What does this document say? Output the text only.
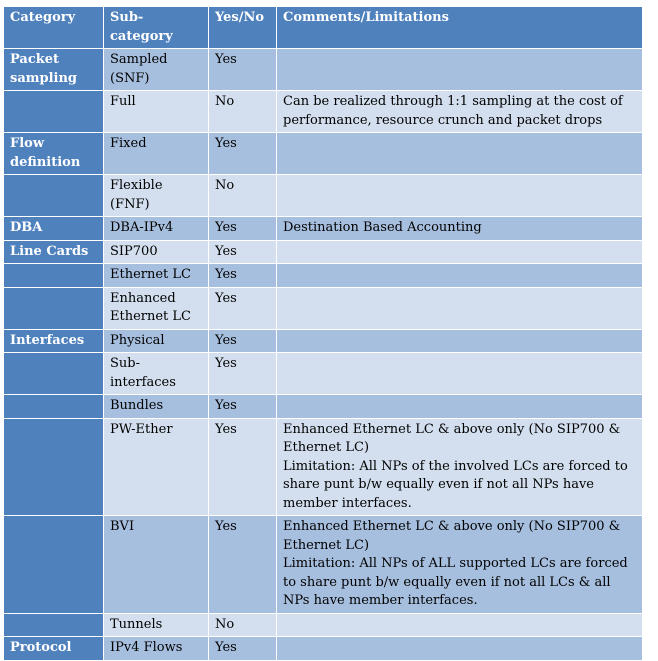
Category	Sub-category	Yes/No	Comments/Limitations
Packet sampling	Sampled (SNF)	Yes	
	Full	No	Can be realized through 1:1 sampling at the cost of performance, resource crunch and packet drops
Flow definition	Fixed	Yes	
	Flexible (FNF)	No	
DBA	DBA-IPv4	Yes	Destination Based Accounting
Line Cards	SIP700	Yes	
	Ethernet LC	Yes	
	Enhanced Ethernet LC	Yes	
Interfaces	Physical	Yes	
	Sub-interfaces	Yes	
	Bundles	Yes	
	PW-Ether	Yes	Enhanced Ethernet LC & above only (No SIP700 & Ethernet LC)
Limitation: All NPs of the involved LCs are forced to share punt b/w equally even if not all NPs have member interfaces.

	BVI	Yes	Enhanced Ethernet LC & above only (No SIP700 & Ethernet LC)
Limitation: All NPs of ALL supported LCs are forced to share punt b/w equally even if not all LCs & all NPs have member interfaces.

	Tunnels	No	
Protocol	IPv4 Flows	Yes	
